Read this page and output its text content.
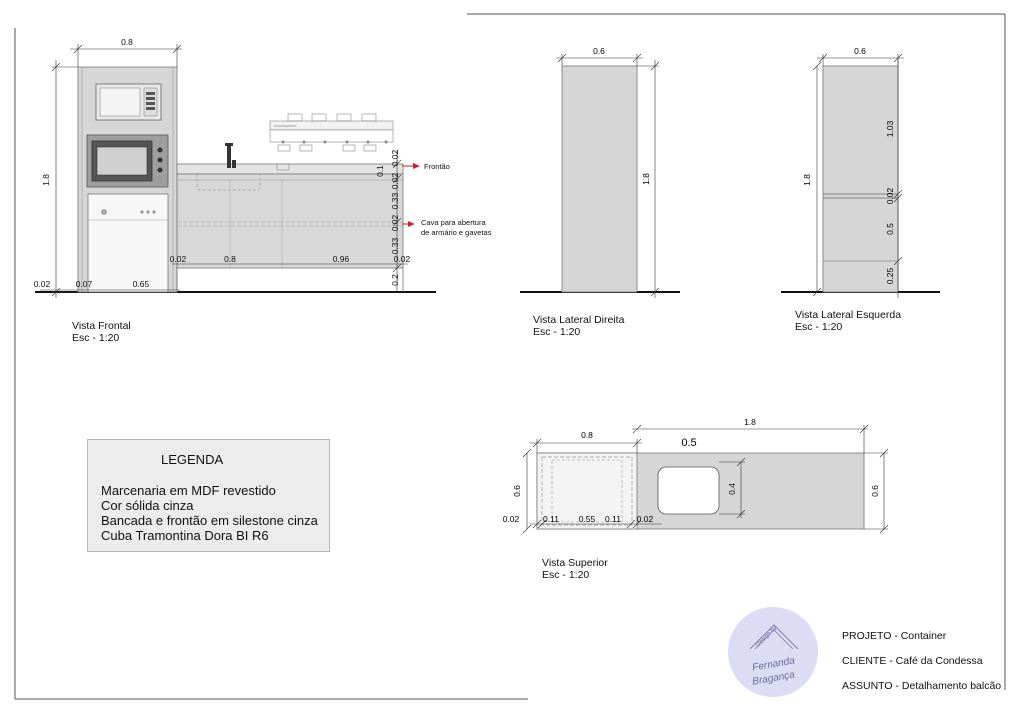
0.8
1.8
0.02	0.07	0.65
0.02	0.8	0.96	0.02
0.02
0.1
0.02
0.33
0.02
0.33
0.2
Frontão
Cava para abertura
de armário e gavetas
0.6
1.8
0.6
1.8
1.03
0.02
0.5
0.25
0.8
1.8
0.5
0.6	0.6
0.4
0.02	0.11 0.55 0.11 0.02
Vista Frontal
Esc - 1:20
Vista Lateral Direita
Esc - 1:20
Vista Lateral Esquerda
Esc - 1:20
Vista Superior
Esc - 1:20
LEGENDA
Marcenaria em MDF revestido
Cor sólida cinza
Bancada e frontão em silestone cinza
Cuba Tramontina Dora BI R6
Design by
Fernanda
Bragança
PROJETO - Container
CLIENTE - Café da Condessa
ASSUNTO - Detalhamento balcão
